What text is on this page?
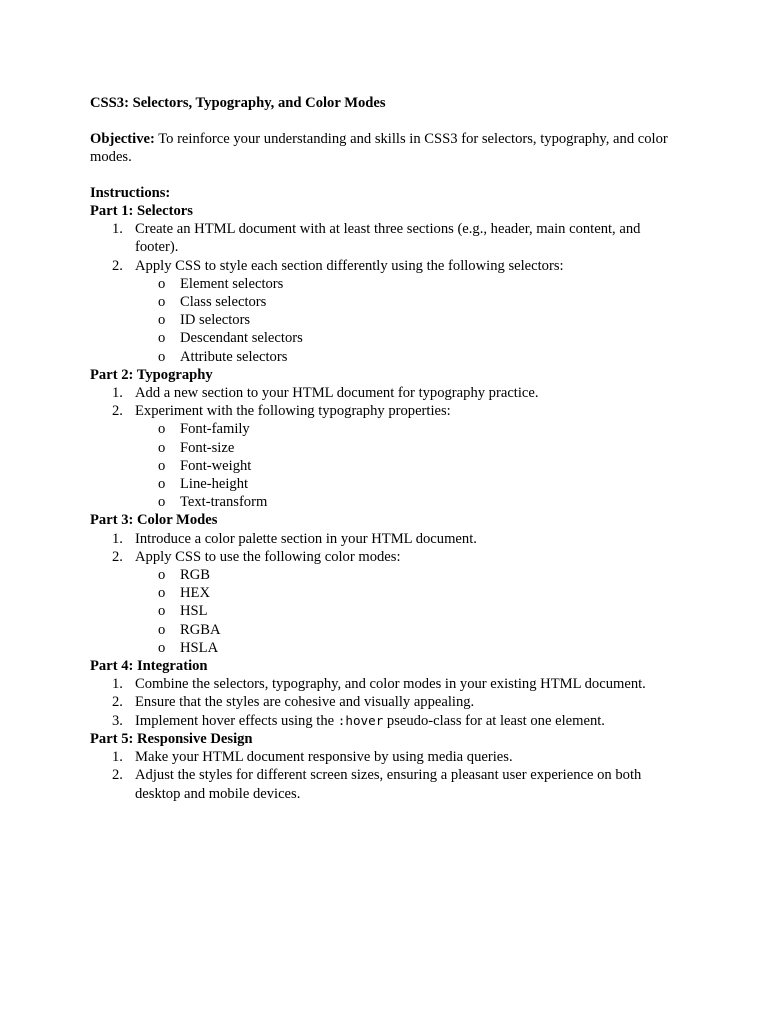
CSS3: Selectors, Typography, and Color Modes

Objective: To reinforce your understanding and skills in CSS3 for selectors, typography, and color modes.

Instructions:

Part 1: Selectors

1. Create an HTML document with at least three sections (e.g., header, main content, and footer).
2. Apply CSS to style each section differently using the following selectors:
o Element selectors
o Class selectors
o ID selectors
o Descendant selectors
o Attribute selectors

Part 2: Typography

1. Add a new section to your HTML document for typography practice.
2. Experiment with the following typography properties:
o Font-family
o Font-size
o Font-weight
o Line-height
o Text-transform

Part 3: Color Modes

1. Introduce a color palette section in your HTML document.
2. Apply CSS to use the following color modes:
o RGB
o HEX
o HSL
o RGBA
o HSLA

Part 4: Integration

1. Combine the selectors, typography, and color modes in your existing HTML document.
2. Ensure that the styles are cohesive and visually appealing.
3. Implement hover effects using the :hover pseudo-class for at least one element.

Part 5: Responsive Design

1. Make your HTML document responsive by using media queries.
2. Adjust the styles for different screen sizes, ensuring a pleasant user experience on both desktop and mobile devices.
